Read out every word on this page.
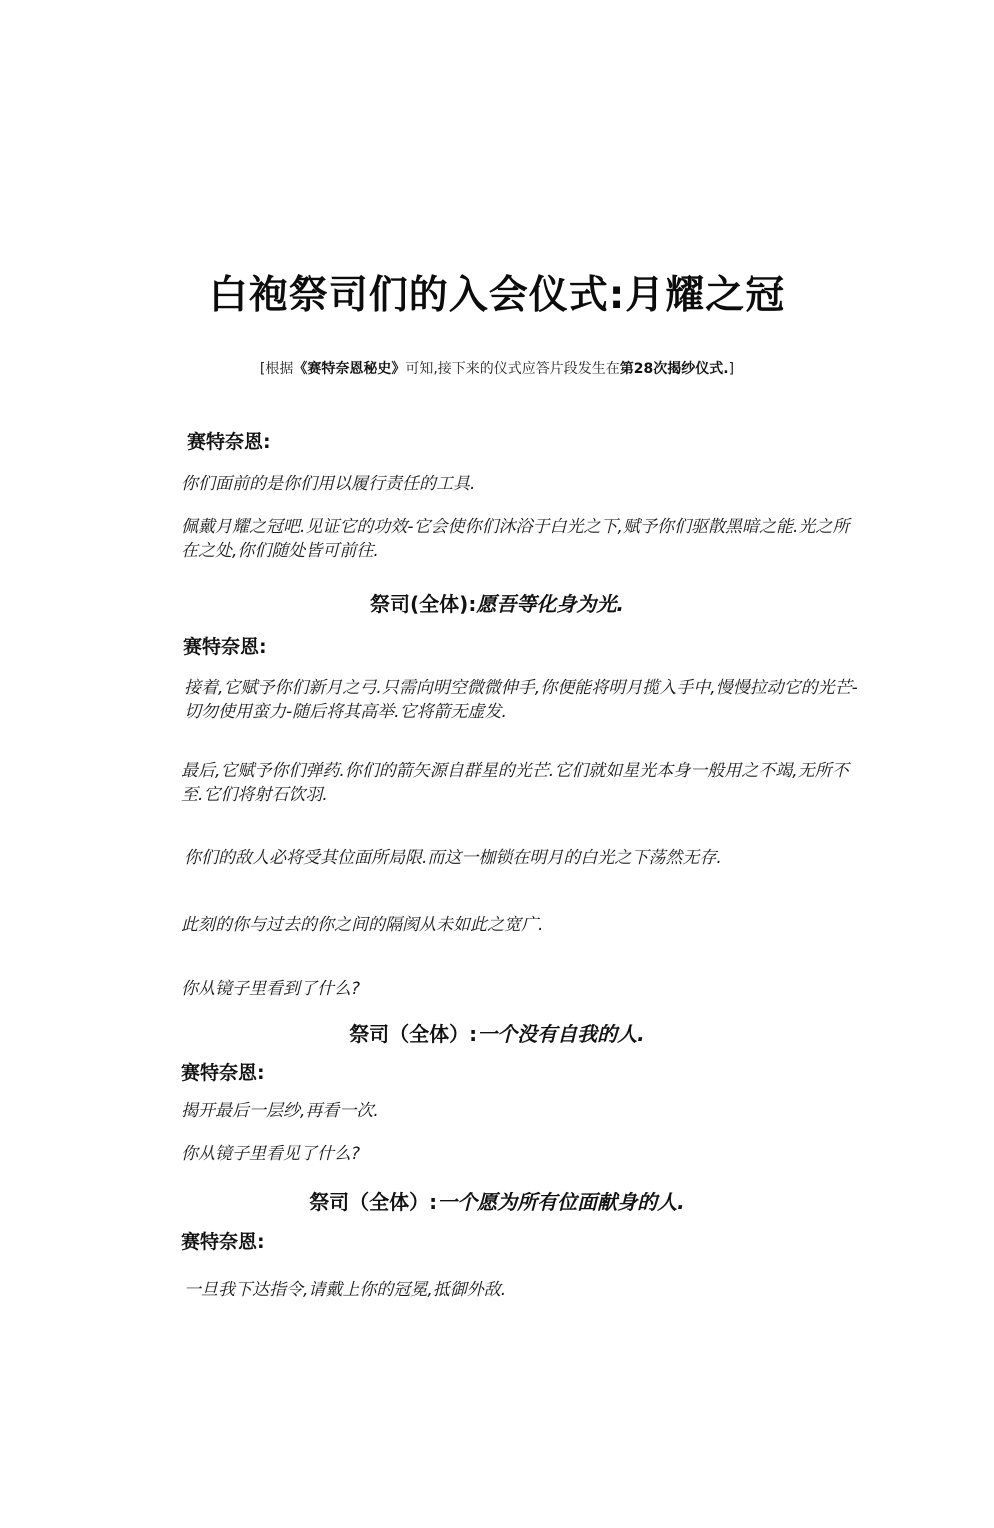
白袍祭司们的入会仪式:月耀之冠
[根据《赛特奈恩秘史》可知,接下来的仪式应答片段发生在第28次揭纱仪式.]
赛特奈恩:
你们面前的是你们用以履行责任的工具.
佩戴月耀之冠吧.见证它的功效-它会使你们沐浴于白光之下,赋予你们驱散黑暗之能.光之所在之处,你们随处皆可前往.
祭司(全体):愿吾等化身为光.
赛特奈恩:
接着,它赋予你们新月之弓.只需向明空微微伸手,你便能将明月揽入手中,慢慢拉动它的光芒-切勿使用蛮力-随后将其高举.它将箭无虚发.
最后,它赋予你们弹药.你们的箭矢源自群星的光芒.它们就如星光本身一般用之不竭,无所不至.它们将射石饮羽.
你们的敌人必将受其位面所局限.而这一枷锁在明月的白光之下荡然无存.
此刻的你与过去的你之间的隔阂从未如此之宽广.
你从镜子里看到了什么?
祭司（全体）:一个没有自我的人.
赛特奈恩:
揭开最后一层纱,再看一次.
你从镜子里看见了什么?
祭司（全体）:一个愿为所有位面献身的人.
赛特奈恩:
一旦我下达指令,请戴上你的冠冕,抵御外敌.
